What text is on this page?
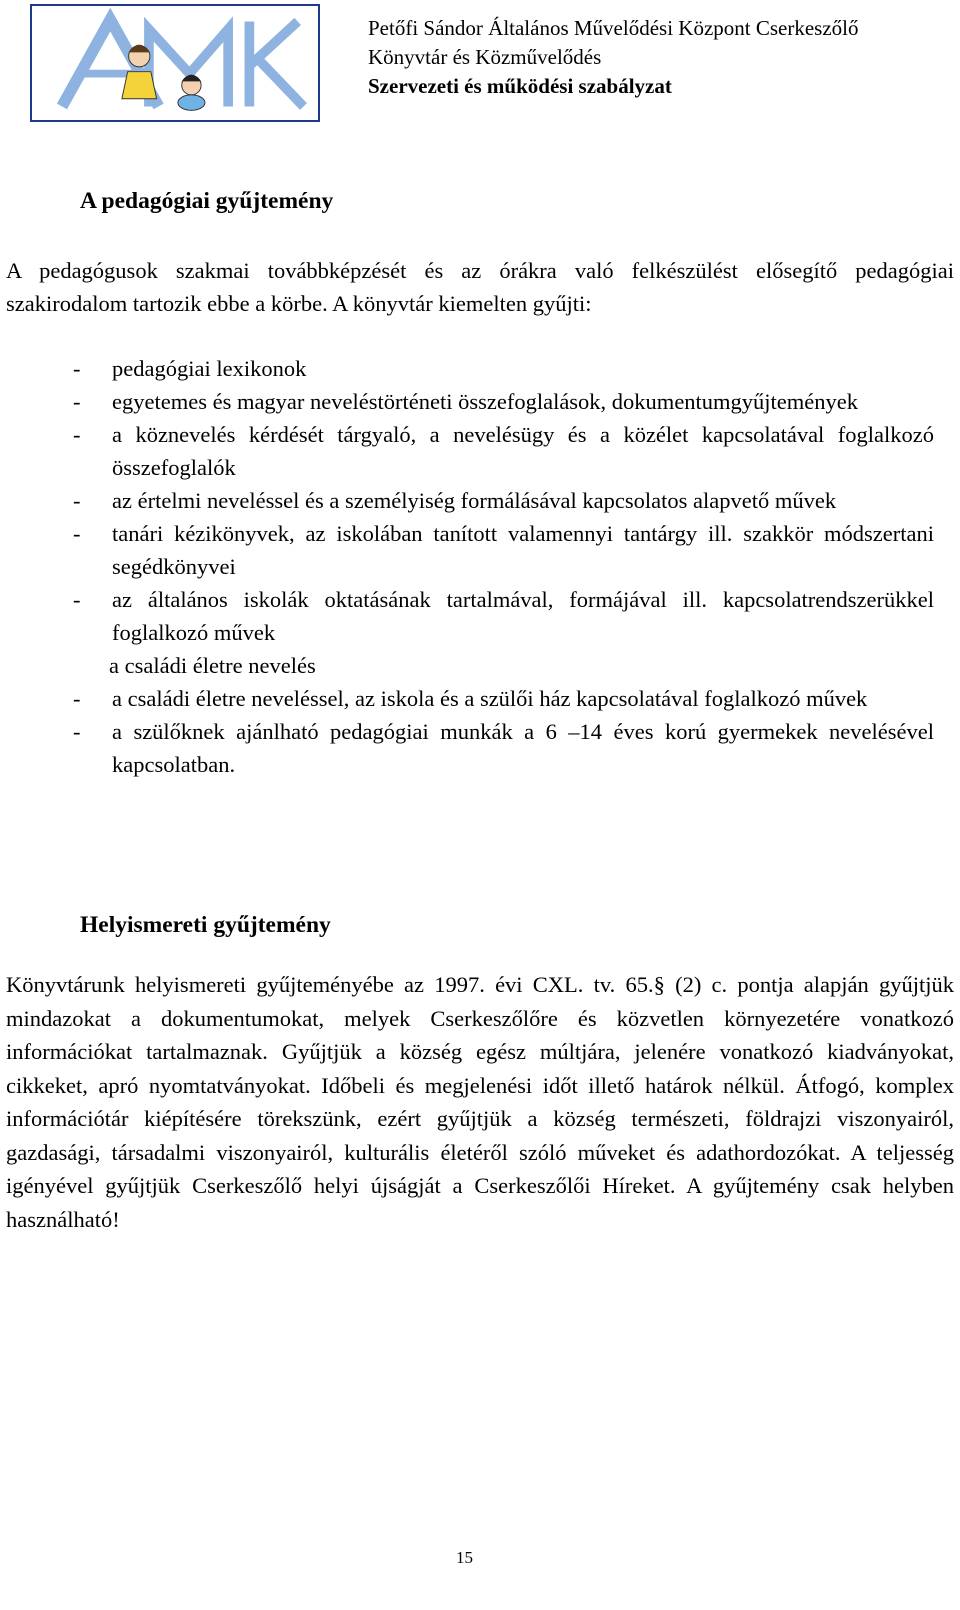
Petőfi Sándor Általános Művelődési Központ Cserkeszőlő
Könyvtár és Közművelődés
Szervezeti és működési szabályzat
A pedagógiai gyűjtemény

A pedagógusok szakmai továbbképzését és az órákra való felkészülést elősegítő pedagógiai szakirodalom tartozik ebbe a körbe. A könyvtár kiemelten gyűjti:

- pedagógiai lexikonok
- egyetemes és magyar neveléstörténeti összefoglalások, dokumentumgyűjtemények
- a köznevelés kérdését tárgyaló, a nevelésügy és a közélet kapcsolatával foglalkozó összefoglalók
- az értelmi neveléssel és a személyiség formálásával kapcsolatos alapvető művek
- tanári kézikönyvek, az iskolában tanított valamennyi tantárgy ill. szakkör módszertani segédkönyvei
- az általános iskolák oktatásának tartalmával, formájával ill. kapcsolatrendszerükkel foglalkozó művek
a családi életre nevelés
- a családi életre neveléssel, az iskola és a szülői ház kapcsolatával foglalkozó művek
- a szülőknek ajánlható pedagógiai munkák a 6 –14 éves korú gyermekek nevelésével kapcsolatban.
Helyismereti gyűjtemény

Könyvtárunk helyismereti gyűjteményébe az 1997. évi CXL. tv. 65.§ (2) c. pontja alapján gyűjtjük mindazokat a dokumentumokat, melyek Cserkeszőlőre és közvetlen környezetére vonatkozó információkat tartalmaznak. Gyűjtjük a község egész múltjára, jelenére vonatkozó kiadványokat, cikkeket, apró nyomtatványokat. Időbeli és megjelenési időt illető határok nélkül. Átfogó, komplex információtár kiépítésére törekszünk, ezért gyűjtjük a község természeti, földrajzi viszonyairól, gazdasági, társadalmi viszonyairól, kulturális életéről szóló műveket és adathordozókat. A teljesség igényével gyűjtjük Cserkeszőlő helyi újságját a Cserkeszőlői Híreket. A gyűjtemény csak helyben használható!

15
